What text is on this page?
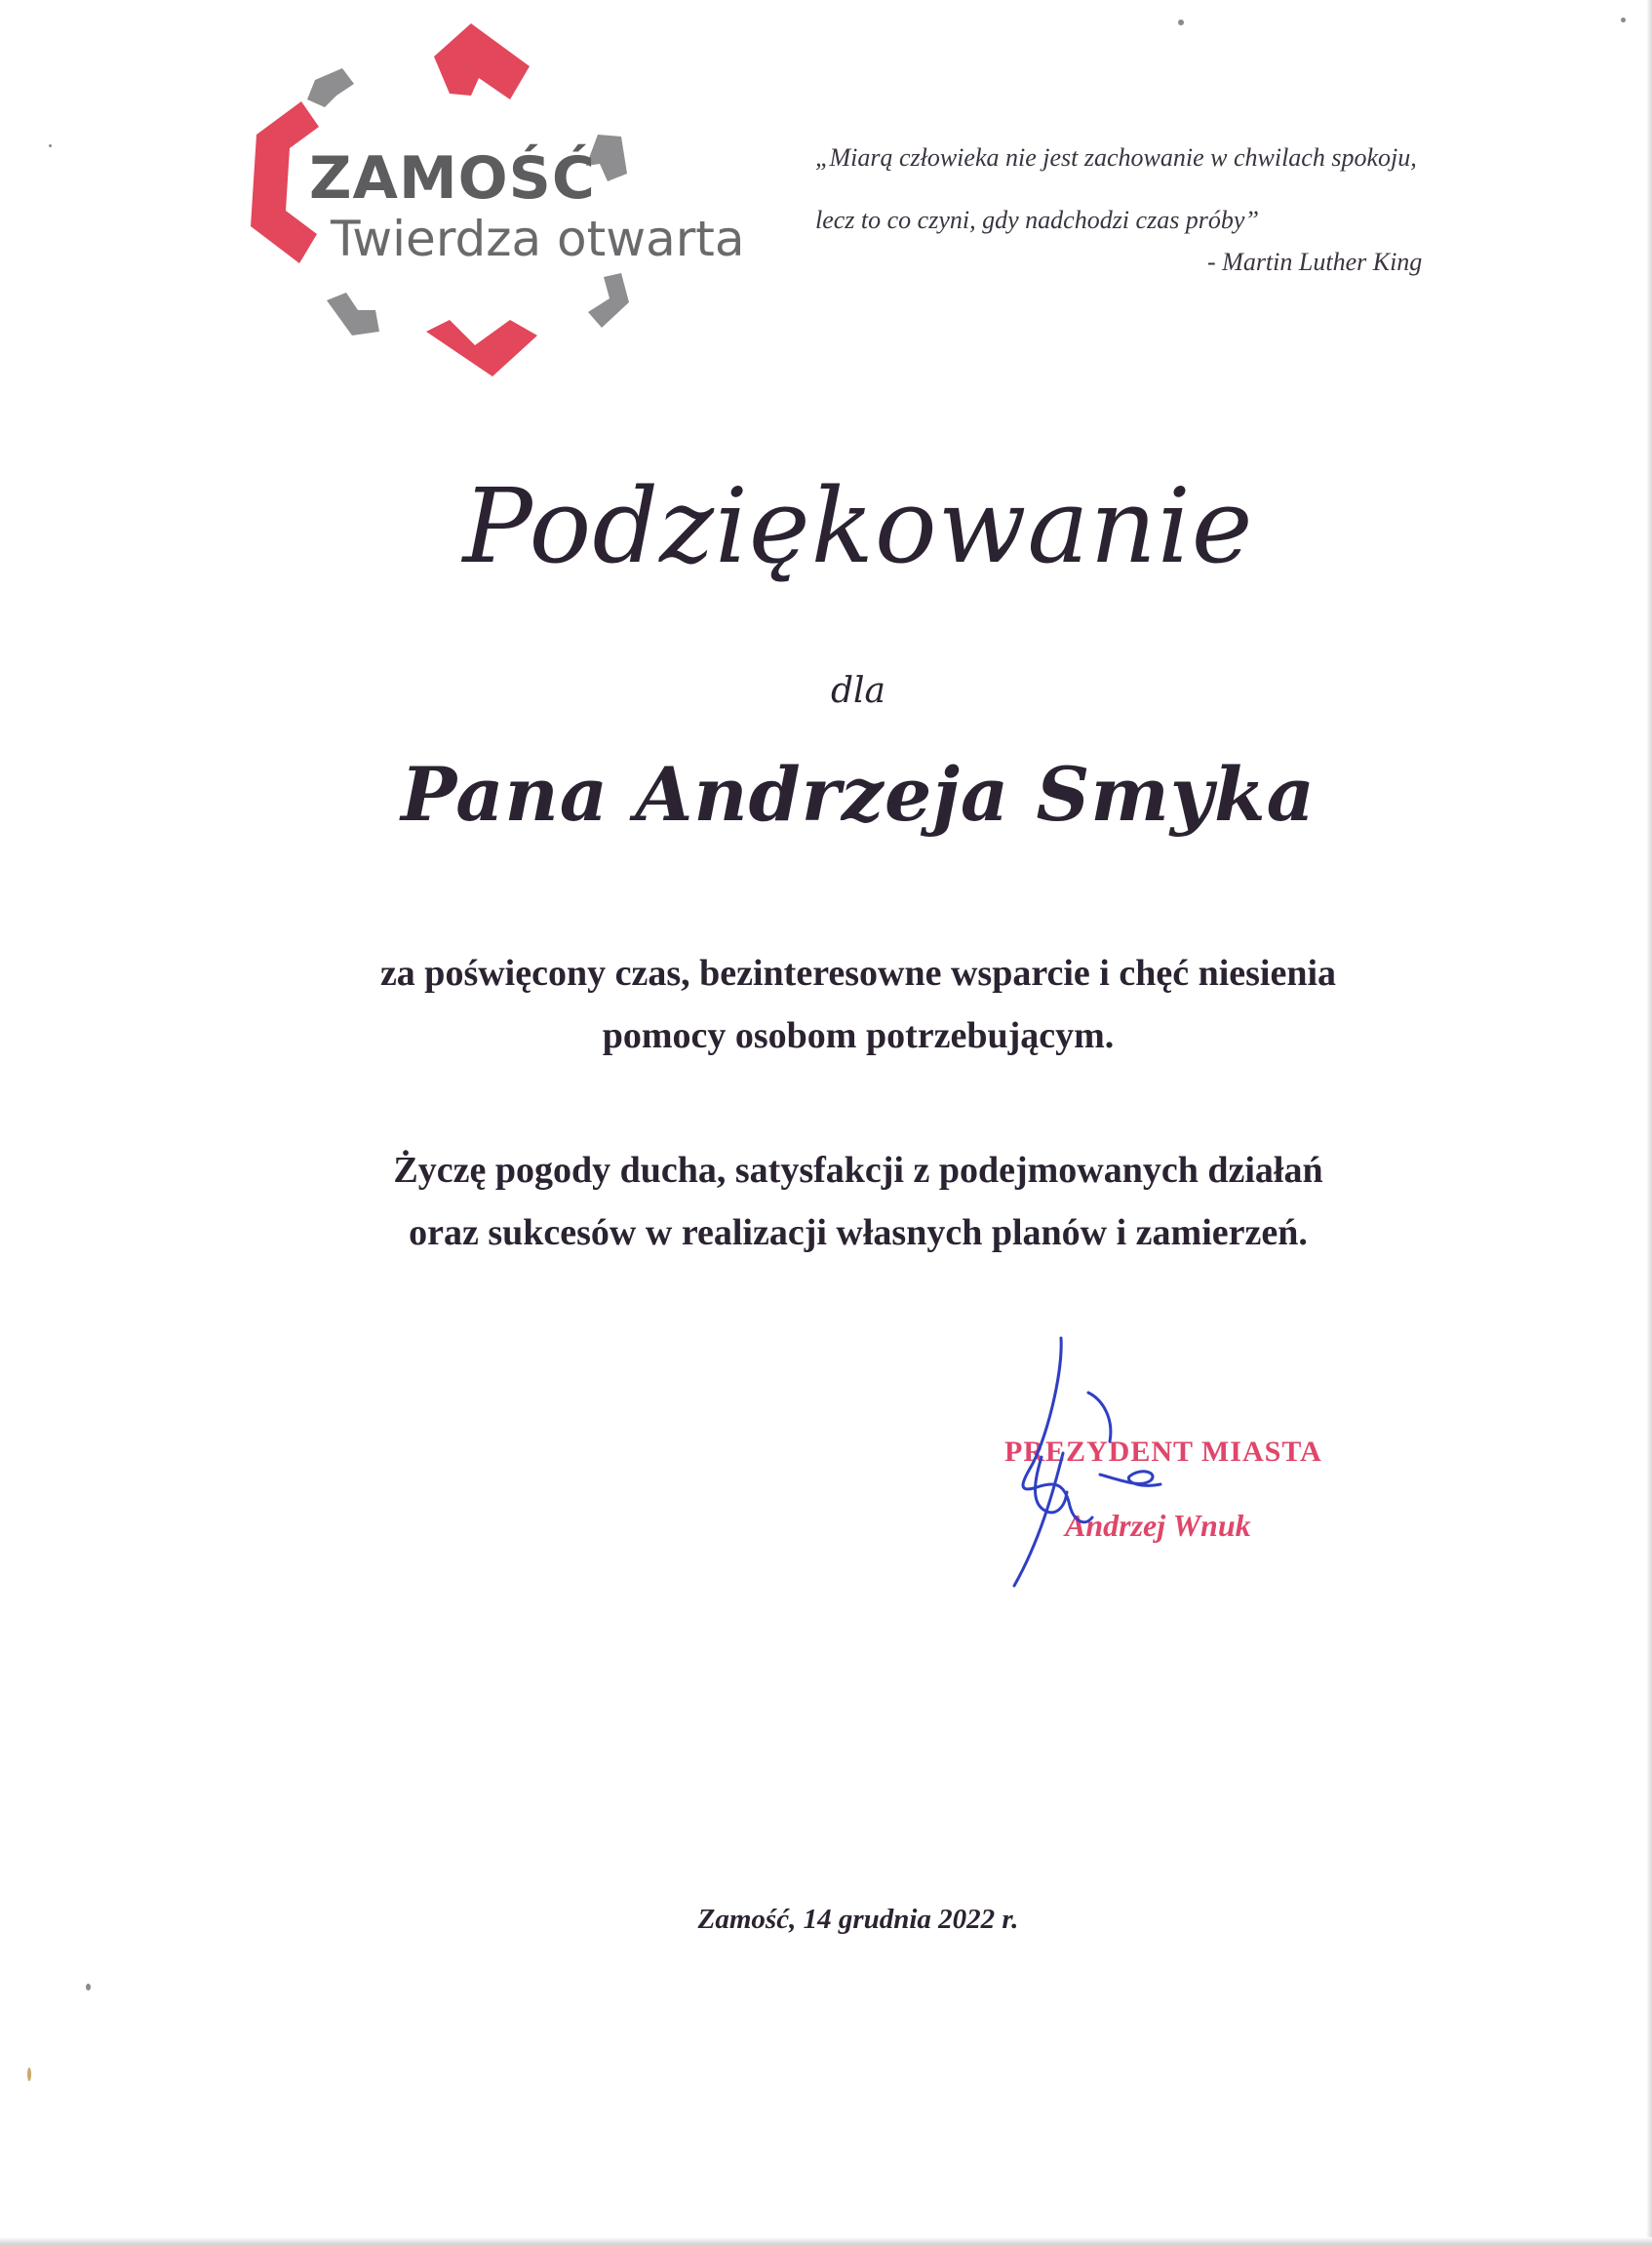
ZAMOŚĆ
Twierdza otwarta
„Miarą człowieka nie jest zachowanie w chwilach spokoju,
lecz to co czyni, gdy nadchodzi czas próby”
- Martin Luther King
Podziękowanie
dla
Pana Andrzeja Smyka
za poświęcony czas, bezinteresowne wsparcie i chęć niesienia
pomocy osobom potrzebującym.
Życzę pogody ducha, satysfakcji z podejmowanych działań
oraz sukcesów w realizacji własnych planów i zamierzeń.
PREZYDENT MIASTA
Andrzej Wnuk
Zamość, 14 grudnia 2022 r.
